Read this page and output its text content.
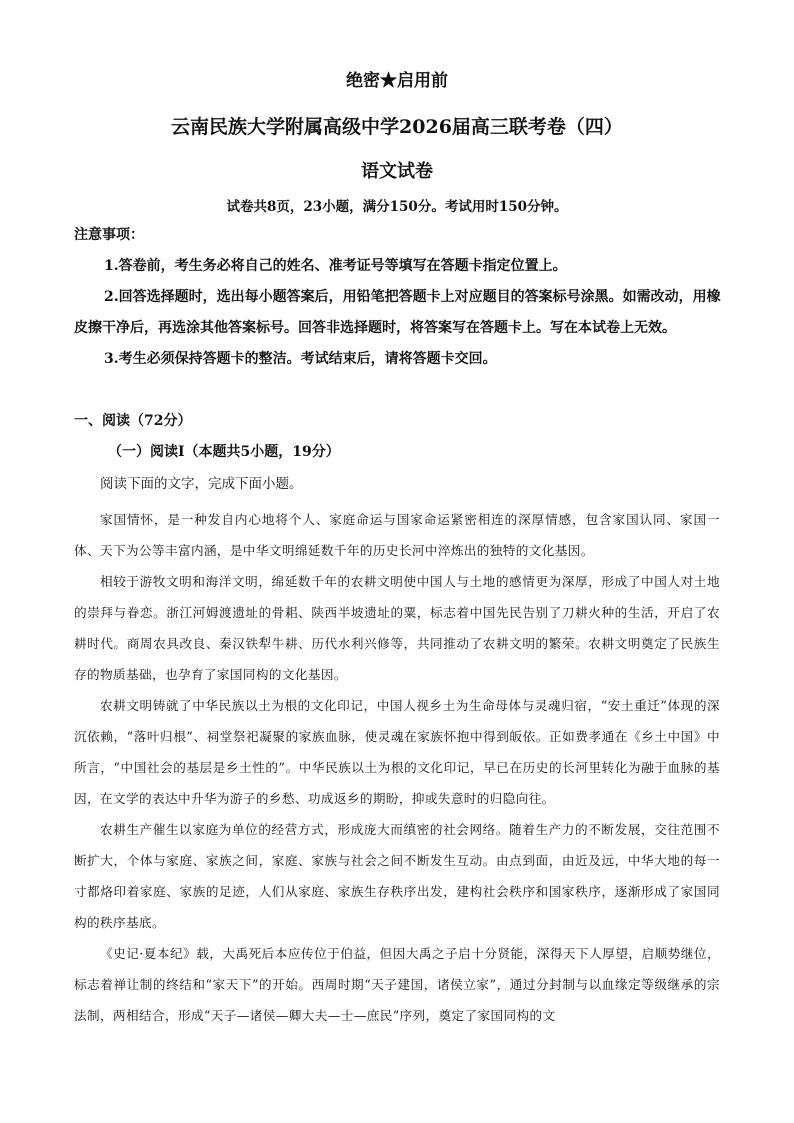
绝密★启用前
云南民族大学附属高级中学2026届高三联考卷（四）
语文试卷
试卷共8页，23小题，满分150分。考试用时150分钟。
注意事项：

1.答卷前，考生务必将自己的姓名、准考证号等填写在答题卡指定位置上。

2.回答选择题时，选出每小题答案后，用铅笔把答题卡上对应题目的答案标号涂黑。如需改动，用橡皮擦干净后，再选涂其他答案标号。回答非选择题时，将答案写在答题卡上。写在本试卷上无效。

3.考生必须保持答题卡的整洁。考试结束后，请将答题卡交回。

一、阅读（72分）
（一）阅读Ⅰ（本题共5小题，19分）
阅读下面的文字，完成下面小题。

家国情怀，是一种发自内心地将个人、家庭命运与国家命运紧密相连的深厚情感，包含家国认同、家国一体、天下为公等丰富内涵，是中华文明绵延数千年的历史长河中淬炼出的独特的文化基因。

相较于游牧文明和海洋文明，绵延数千年的农耕文明使中国人与土地的感情更为深厚，形成了中国人对土地的崇拜与眷恋。浙江河姆渡遗址的骨耜、陕西半坡遗址的粟，标志着中国先民告别了刀耕火种的生活，开启了农耕时代。商周农具改良、秦汉铁犁牛耕、历代水利兴修等，共同推动了农耕文明的繁荣。农耕文明奠定了民族生存的物质基础，也孕育了家国同构的文化基因。

农耕文明铸就了中华民族以土为根的文化印记，中国人视乡土为生命母体与灵魂归宿，“安土重迁”体现的深沉依赖，“落叶归根”、祠堂祭祀凝聚的家族血脉，使灵魂在家族怀抱中得到皈依。正如费孝通在《乡土中国》中所言，“中国社会的基层是乡土性的”。中华民族以土为根的文化印记，早已在历史的长河里转化为融于血脉的基因，在文学的表达中升华为游子的乡愁、功成返乡的期盼，抑或失意时的归隐向往。

农耕生产催生以家庭为单位的经营方式，形成庞大而缜密的社会网络。随着生产力的不断发展，交往范围不断扩大，个体与家庭、家族之间，家庭、家族与社会之间不断发生互动。由点到面，由近及远，中华大地的每一寸都烙印着家庭、家族的足迹，人们从家庭、家族生存秩序出发，建构社会秩序和国家秩序，逐渐形成了家国同构的秩序基底。

《史记·夏本纪》载，大禹死后本应传位于伯益，但因大禹之子启十分贤能，深得天下人厚望，启顺势继位，标志着禅让制的终结和“家天下”的开始。西周时期“天子建国，诸侯立家”，通过分封制与以血缘定等级继承的宗法制，两相结合，形成“天子—诸侯—卿大夫—士—庶民”序列，奠定了家国同构的文
